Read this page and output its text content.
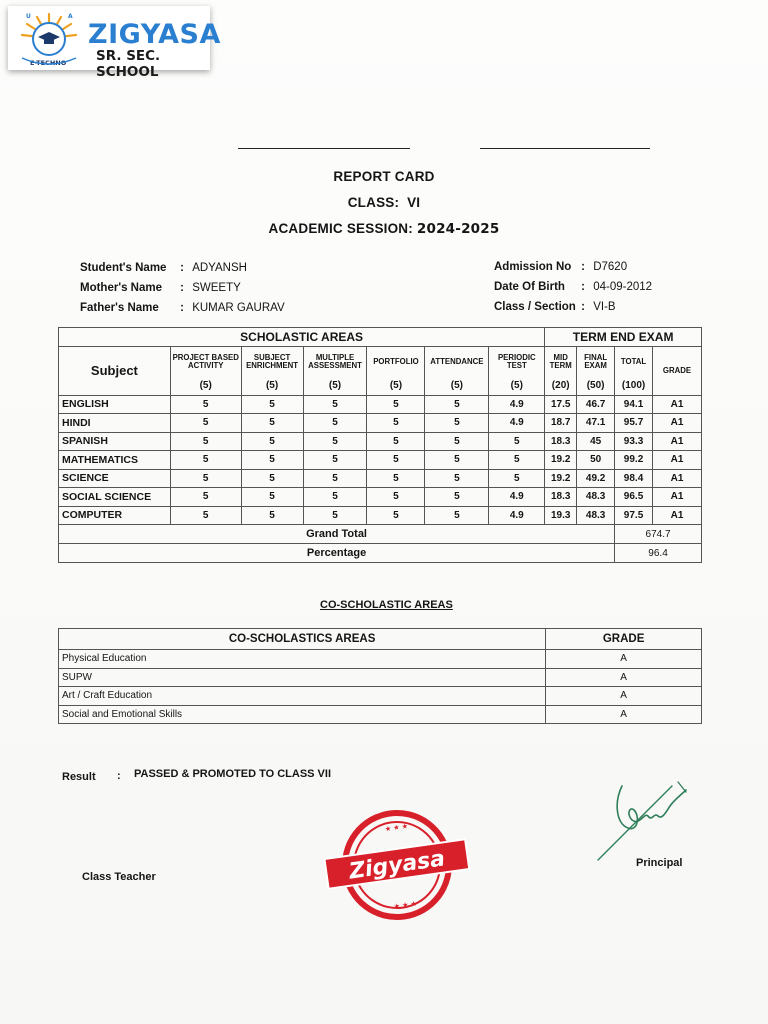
U	A
E-TECHNO
ZIGYASA
SR. SEC. SCHOOL
REPORT CARD
CLASS:  VI
ACADEMIC SESSION: 2024-2025
Student's Name : ADYANSH
Mother's Name : SWEETY
Father's Name : KUMAR GAURAV
Admission No : D7620
Date Of Birth : 04-09-2012
Class / Section : VI-B
SCHOLASTIC AREAS							TERM END EXAM			
Subject	PROJECT BASED ACTIVITY	SUBJECT ENRICHMENT	MULTIPLE ASSESSMENT	PORTFOLIO	ATTENDANCE	PERIODIC TEST	MID TERM	FINAL EXAM	TOTAL	GRADE
	(5)	(5)	(5)	(5)	(5)	(5)	(20)	(50)	(100)	
ENGLISH	5	5	5	5	5	4.9	17.5	46.7	94.1	A1
HINDI	5	5	5	5	5	4.9	18.7	47.1	95.7	A1
SPANISH	5	5	5	5	5	5	18.3	45	93.3	A1
MATHEMATICS	5	5	5	5	5	5	19.2	50	99.2	A1
SCIENCE	5	5	5	5	5	5	19.2	49.2	98.4	A1
SOCIAL SCIENCE	5	5	5	5	5	4.9	18.3	48.3	96.5	A1
COMPUTER	5	5	5	5	5	4.9	19.3	48.3	97.5	A1
Grand Total									674.7	
Percentage									96.4	
CO-SCHOLASTIC AREAS
CO-SCHOLASTICS AREAS	GRADE
Physical Education	A
SUPW	A
Art / Craft Education	A
Social and Emotional Skills	A
Result : PASSED & PROMOTED TO CLASS VII
★ ★ ★
★ ★ ★
Zigyasa
Class Teacher
Principal
